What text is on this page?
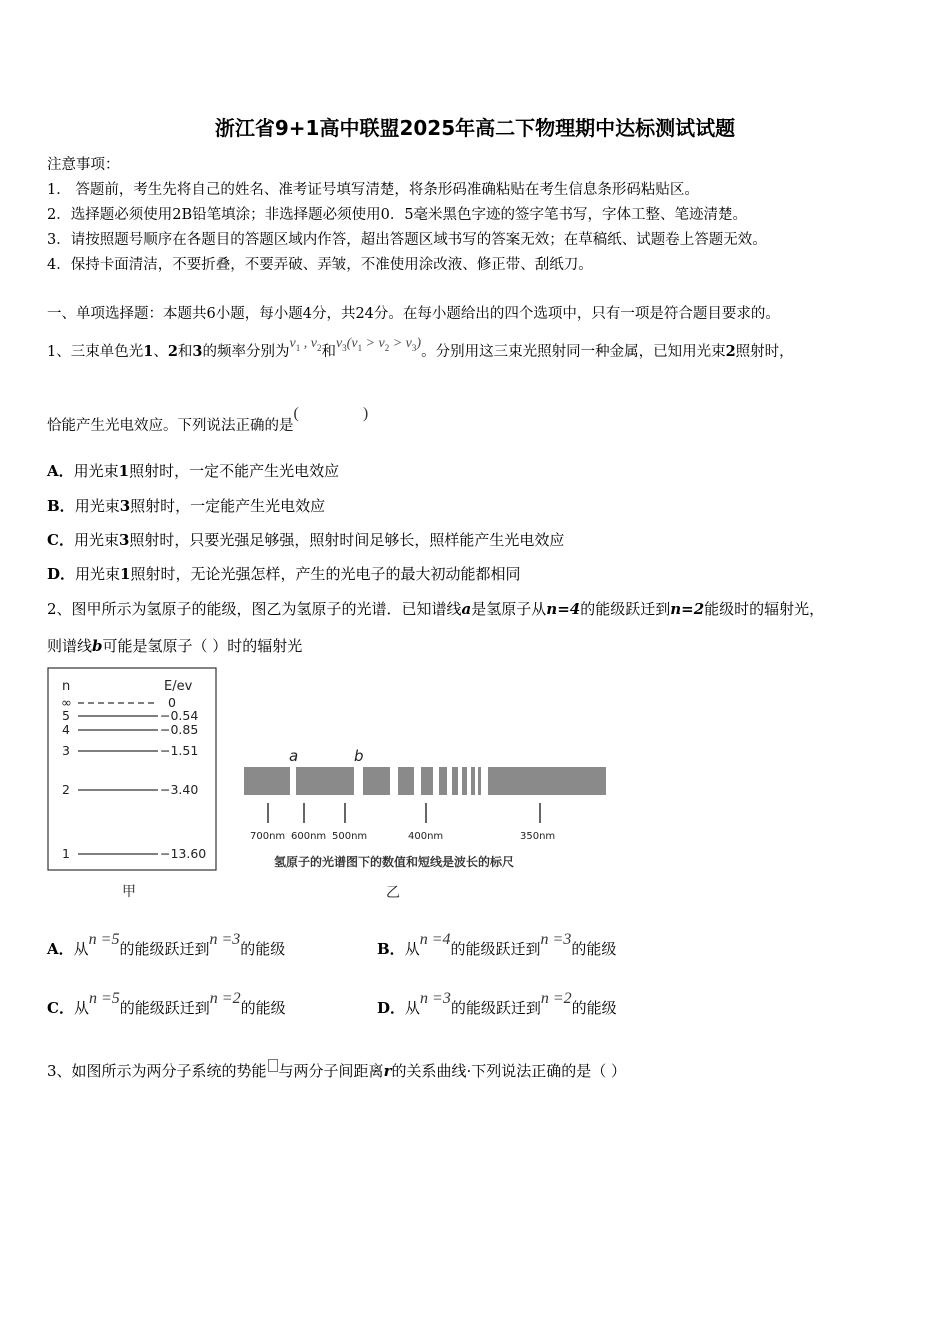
浙江省9+1高中联盟2025年高二下物理期中达标测试试题
注意事项：
1． 答题前，考生先将自己的姓名、准考证号填写清楚，将条形码准确粘贴在考生信息条形码粘贴区。
2．选择题必须使用2B铅笔填涂；非选择题必须使用0．5毫米黑色字迹的签字笔书写，字体工整、笔迹清楚。
3．请按照题号顺序在各题目的答题区域内作答，超出答题区域书写的答案无效；在草稿纸、试题卷上答题无效。
4．保持卡面清洁，不要折叠，不要弄破、弄皱，不准使用涂改液、修正带、刮纸刀。
一、单项选择题：本题共6小题，每小题4分，共24分。在每小题给出的四个选项中，只有一项是符合题目要求的。
1、三束单色光1、2和3的频率分别为$v_1$ , $v_2$和$v_3(v_1 > v_2 > v_3)$。分别用这三束光照射同一种金属，已知用光束2照射时，
恰能产生光电效应。下列说法正确的是( )
A．用光束1照射时，一定不能产生光电效应
B．用光束3照射时，一定能产生光电效应
C．用光束3照射时，只要光强足够强，照射时间足够长，照样能产生光电效应
D．用光束1照射时，无论光强怎样，产生的光电子的最大初动能都相同
2、图甲所示为氢原子的能级，图乙为氢原子的光谱．已知谱线a是氢原子从n=4的能级跃迁到n=2能级时的辐射光，
则谱线b可能是氢原子（ ）时的辐射光
n	E/ev
∞	0
5	−0.54
4	−0.85
3	−1.51
2	−3.40
1	−13.60
甲
a	b
700nm 600nm 500nm	400nm	350nm
氢原子的光谱图下的数值和短线是波长的标尺
乙
A．从n =5的能级跃迁到n =3的能级	B．从n =4的能级跃迁到n =3的能级
C．从n =5的能级跃迁到n =2的能级	D．从n =3的能级跃迁到n =2的能级
3、如图所示为两分子系统的势能 与两分子间距离r的关系曲线·下列说法正确的是（ ）
